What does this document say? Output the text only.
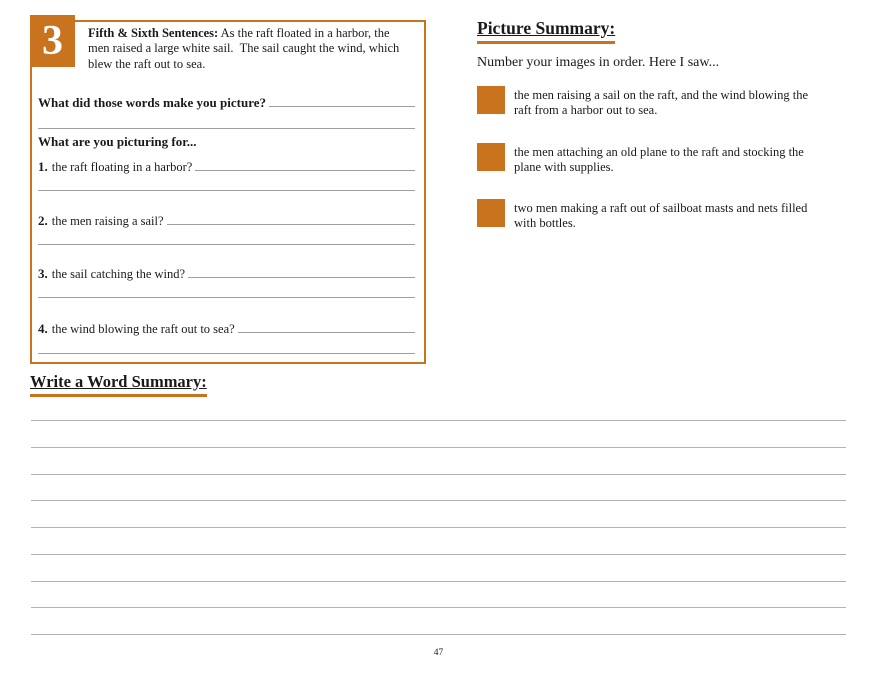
3	Fifth & Sixth Sentences: As the raft floated in a harbor, the men raised a large white sail.  The sail caught the wind, which blew the raft out to sea.

What did those words make you picture?
What are you picturing for...
1. the raft floating in a harbor?
2. the men raising a sail?
3. the sail catching the wind?
4. the wind blowing the raft out to sea?
Picture Summary:

Number your images in order. Here I saw...

the men raising a sail on the raft, and the wind blowing the raft from a harbor out to sea.

the men attaching an old plane to the raft and stocking the plane with supplies.

two men making a raft out of sailboat masts and nets filled with bottles.

Write a Word Summary:
47
